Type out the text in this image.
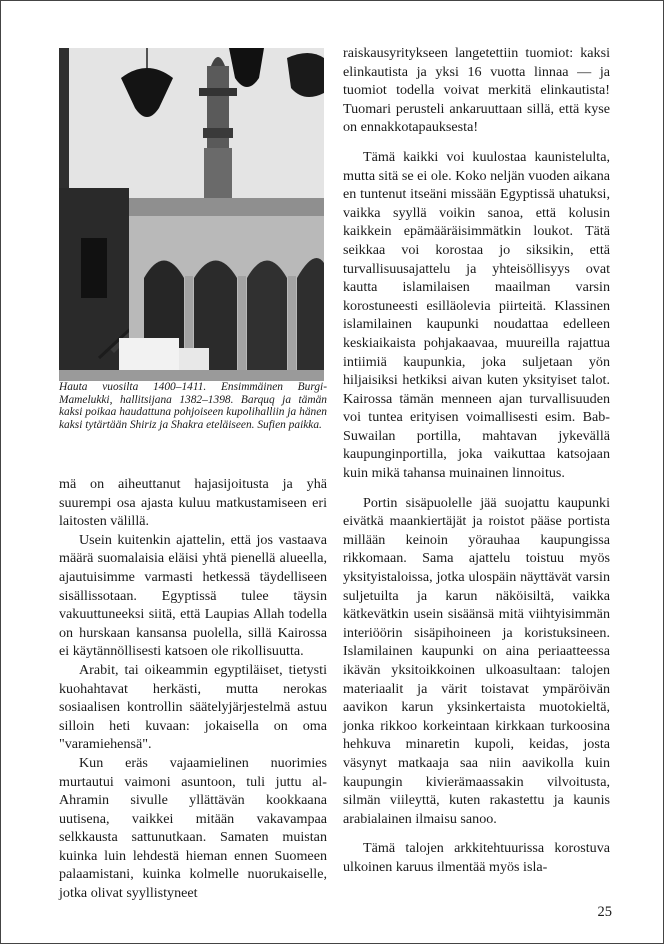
Hauta vuosilta 1400–1411. Ensimmäinen Burgi-Mamelukki, hallitsijana 1382–1398. Barquq ja tämän kaksi poikaa haudattuna pohjoiseen kupolihalliin ja hänen kaksi tytärtään Shiriz ja Shakra eteläiseen. Sufien paikka.

mä on aiheuttanut hajasijoitusta ja yhä suurempi osa ajasta kuluu matkustamiseen eri laitosten välillä.

Usein kuitenkin ajattelin, että jos vastaava määrä suomalaisia eläisi yhtä pienellä alueella, ajautuisimme varmasti hetkessä täydelliseen sisällissotaan. Egyptissä tulee täysin vakuuttuneeksi siitä, että Laupias Allah todella on hurskaan kansansa puolella, sillä Kairossa ei käytännöllisesti katsoen ole rikollisuutta.

Arabit, tai oikeammin egyptiläiset, tietysti kuohahtavat herkästi, mutta nerokas sosiaalisen kontrollin säätelyjärjestelmä astuu silloin heti kuvaan: jokaisella on oma "varamiehensä".

Kun eräs vajaamielinen nuorimies murtautui vaimoni asuntoon, tuli juttu al-Ahramin sivulle yllättävän kookkaana uutisena, vaikkei mitään vakavampaa selkkausta sattunutkaan. Samaten muistan kuinka luin lehdestä hieman ennen Suomeen palaamistani, kuinka kolmelle nuorukaiselle, jotka olivat syyllistyneet

raiskausyritykseen langetettiin tuomiot: kaksi elinkautista ja yksi 16 vuotta linnaa — ja tuomiot todella voivat merkitä elinkautista! Tuomari perusteli ankaruuttaan sillä, että kyse on ennakkotapauksesta!

Tämä kaikki voi kuulostaa kaunistelulta, mutta sitä se ei ole. Koko neljän vuoden aikana en tuntenut itseäni missään Egyptissä uhatuksi, vaikka syyllä voikin sanoa, että kolusin kaikkein epämääräisimmätkin loukot. Tätä seikkaa voi korostaa jo siksikin, että turvallisuusajattelu ja yhteisöllisyys ovat kautta islamilaisen maailman varsin korostuneesti esilläolevia piirteitä. Klassinen islamilainen kaupunki noudattaa edelleen keskiaikaista pohjakaavaa, muureilla rajattua intiimiä kaupunkia, joka suljetaan yön hiljaisiksi hetkiksi aivan kuten yksityiset talot. Kairossa tämän menneen ajan turvallisuuden voi tuntea erityisen voimallisesti esim. Bab-Suwailan portilla, mahtavan jykevällä kaupunginportilla, joka vaikuttaa katsojaan kuin mikä tahansa muinainen linnoitus.

Portin sisäpuolelle jää suojattu kaupunki eivätkä maankiertäjät ja roistot pääse portista millään keinoin yörauhaa kaupungissa rikkomaan. Sama ajattelu toistuu myös yksityistaloissa, jotka ulospäin näyttävät varsin suljetuilta ja karun näköisiltä, vaikka kätkevätkin usein sisäänsä mitä viihtyisimmän interiöörin sisäpihoineen ja koristuksineen. Islamilainen kaupunki on aina periaatteessa ikävän yksitoikkoinen ulkoasultaan: talojen materiaalit ja värit toistavat ympäröivän aavikon karun yksinkertaista muotokieltä, jonka rikkoo korkeintaan kirkkaan turkoosina hehkuva minaretin kupoli, keidas, josta väsynyt matkaaja saa niin aavikolla kuin kaupungin kivierämaassakin vilvoitusta, silmän viileyttä, kuten rakastettu ja kaunis arabialainen ilmaisu sanoo.

Tämä talojen arkkitehtuurissa korostuva ulkoinen karuus ilmentää myös isla-

25
